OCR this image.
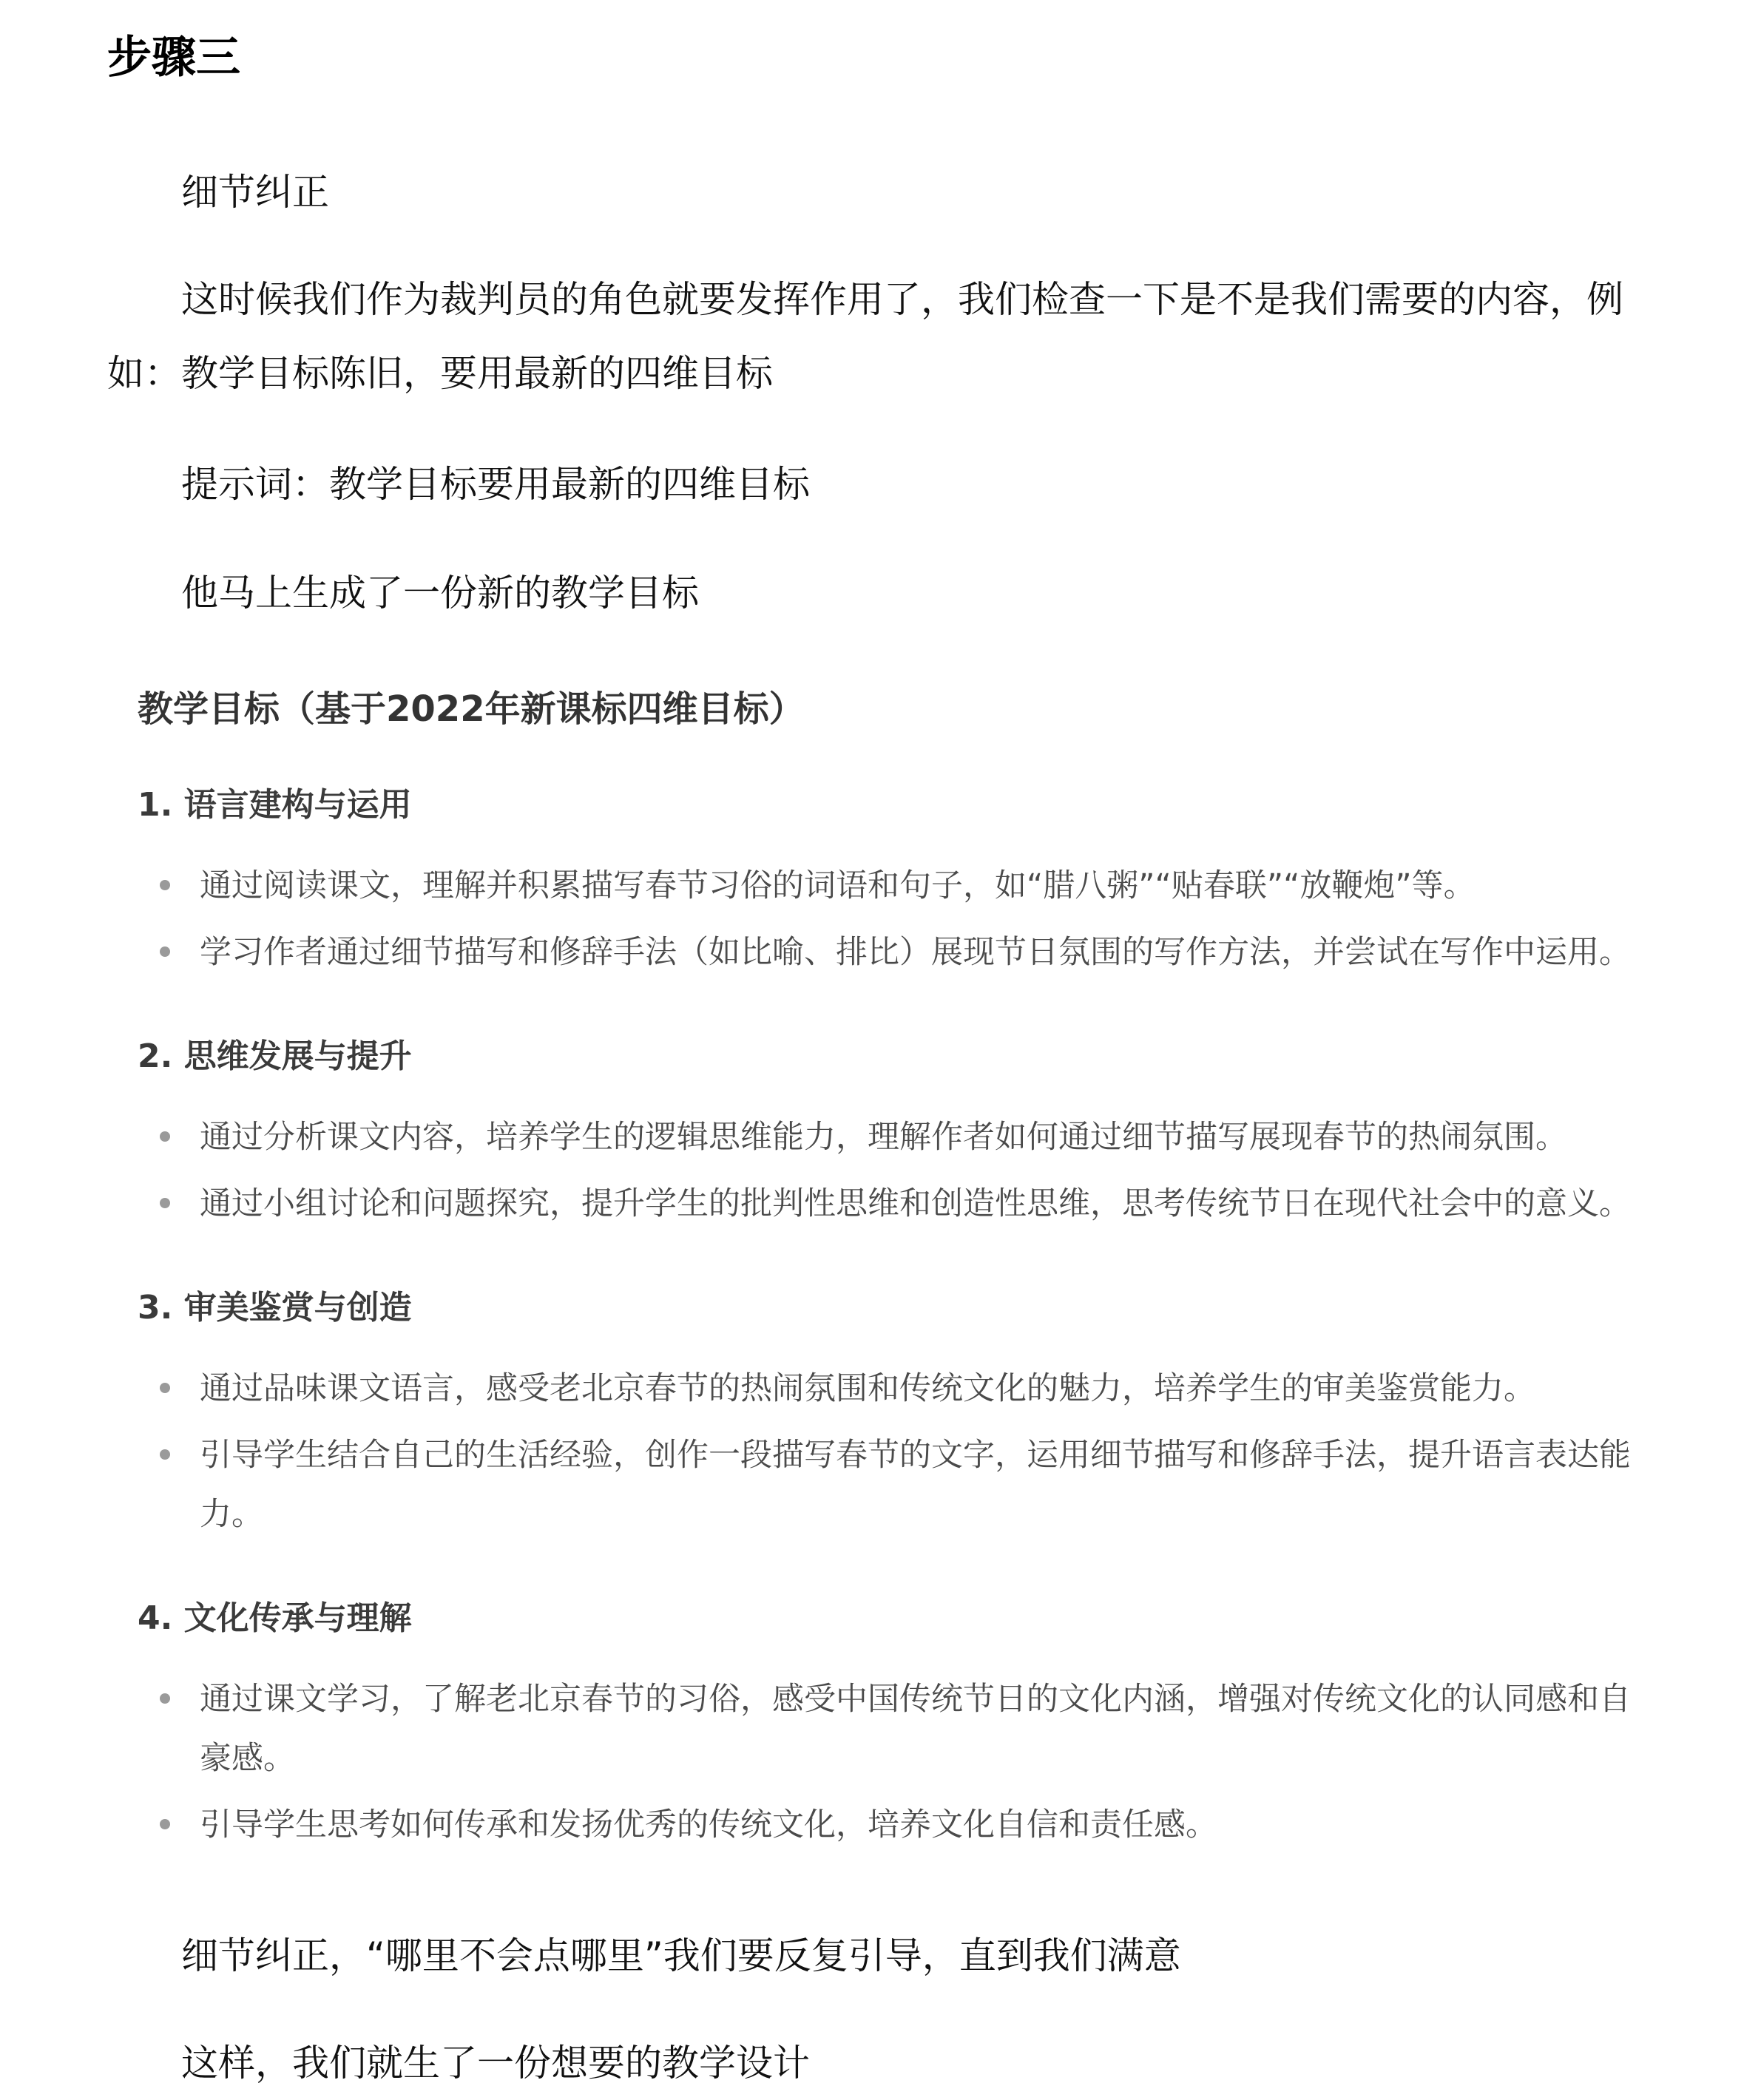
步骤三

细节纠正

这时候我们作为裁判员的角色就要发挥作用了，我们检查一下是不是我们需要的内容，例如：教学目标陈旧，要用最新的四维目标

提示词：教学目标要用最新的四维目标

他马上生成了一份新的教学目标

教学目标（基于2022年新课标四维目标）
1. 语言建构与运用

通过阅读课文，理解并积累描写春节习俗的词语和句子，如“腊八粥”“贴春联”“放鞭炮”等。

学习作者通过细节描写和修辞手法（如比喻、排比）展现节日氛围的写作方法，并尝试在写作中运用。

2. 思维发展与提升

通过分析课文内容，培养学生的逻辑思维能力，理解作者如何通过细节描写展现春节的热闹氛围。

通过小组讨论和问题探究，提升学生的批判性思维和创造性思维，思考传统节日在现代社会中的意义。

3. 审美鉴赏与创造

通过品味课文语言，感受老北京春节的热闹氛围和传统文化的魅力，培养学生的审美鉴赏能力。

引导学生结合自己的生活经验，创作一段描写春节的文字，运用细节描写和修辞手法，提升语言表达能力。

4. 文化传承与理解

通过课文学习，了解老北京春节的习俗，感受中国传统节日的文化内涵，增强对传统文化的认同感和自豪感。

引导学生思考如何传承和发扬优秀的传统文化，培养文化自信和责任感。

细节纠正，“哪里不会点哪里”我们要反复引导，直到我们满意

这样，我们就生了一份想要的教学设计
